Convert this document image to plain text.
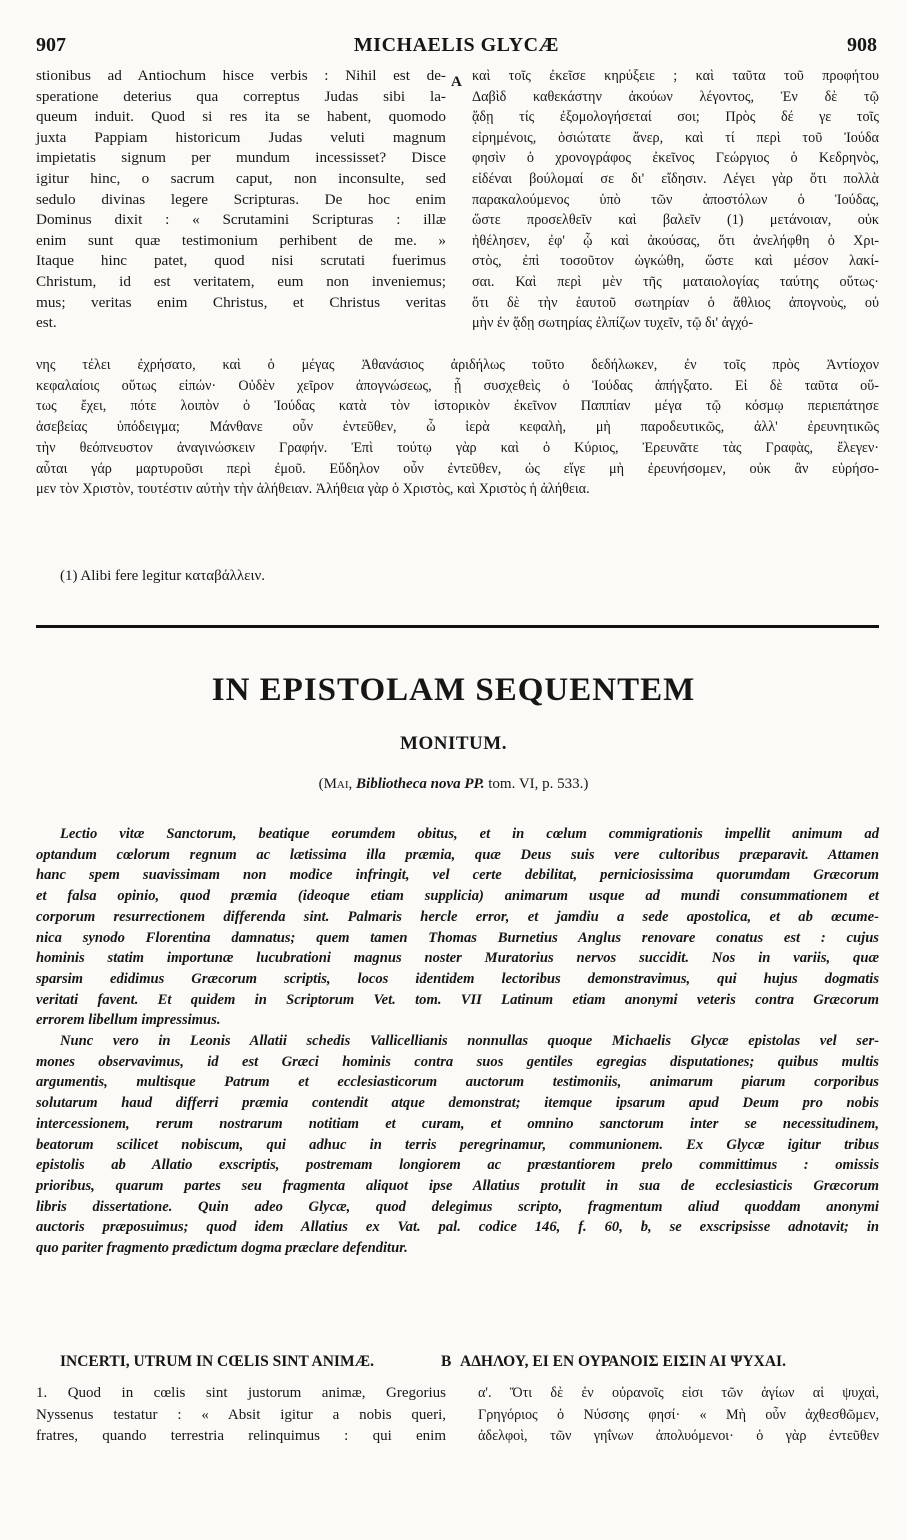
907	MICHAELIS GLYCÆ	908
stionibus ad Antiochum hisce verbis : Nihil est de-
speratione deterius qua correptus Judas sibi la-
queum induit. Quod si res ita se habent, quomodo
juxta Pappiam historicum Judas veluti magnum
impietatis signum per mundum incessisset? Disce
igitur hinc, o sacrum caput, non inconsulte, sed
sedulo divinas legere Scripturas. De hoc enim
Dominus dixit : « Scrutamini Scripturas : illæ
enim sunt quæ testimonium perhibent de me. »
Itaque hinc patet, quod nisi scrutati fuerimus
Christum, id est veritatem, eum non inveniemus;
mus; veritas enim Christus, et Christus veritas
est.
A καὶ τοῖς ἐκεῖσε κηρύξειε ; καὶ ταῦτα τοῦ προφήτου
Δαβὶδ καθεκάστην ἀκούων λέγοντος, Ἐν δὲ τῷ
ᾅδῃ τίς ἐξομολογήσεταί σοι; Πρὸς δέ γε τοῖς
εἰρημένοις, ὁσιώτατε ἄνερ, καὶ τί περὶ τοῦ Ἰούδα
φησὶν ὁ χρονογράφος ἐκεῖνος Γεώργιος ὁ Κεδρηνὸς,
εἰδέναι βούλομαί σε δι' εἴδησιν. Λέγει γὰρ ὅτι πολλὰ
παρακαλούμενος ὑπὸ τῶν ἀποστόλων ὁ Ἰούδας,
ὥστε προσελθεῖν καὶ βαλεῖν (1) μετάνοιαν, οὐκ
ἠθέλησεν, ἐφ' ᾧ καὶ ἀκούσας, ὅτι ἀνελήφθη ὁ Χρι-
στὸς, ἐπὶ τοσοῦτον ὠγκώθη, ὥστε καὶ μέσον λακί-
σαι. Καὶ περὶ μὲν τῆς ματαιολογίας ταύτης οὕτως·
ὅτι δὲ τὴν ἑαυτοῦ σωτηρίαν ὁ ἄθλιος ἀπογνοὺς, οὐ
μὴν ἐν ᾅδῃ σωτηρίας ἐλπίζων τυχεῖν, τῷ δι' ἀγχό-
νης τέλει ἐχρήσατο, καὶ ὁ μέγας Ἀθανάσιος ἀριδήλως τοῦτο δεδήλωκεν, ἐν τοῖς πρὸς Ἀντίοχον
κεφαλαίοις οὕτως εἰπών· Οὐδὲν χεῖρον ἀπογνώσεως, ᾗ συσχεθεὶς ὁ Ἰούδας ἀπήγξατο. Εἰ δὲ ταῦτα οὕ-
τως ἔχει, πότε λοιπὸν ὁ Ἰούδας κατὰ τὸν ἱστορικὸν ἐκεῖνον Παππίαν μέγα τῷ κόσμῳ περιεπάτησε
ἀσεβείας ὑπόδειγμα; Μάνθανε οὖν ἐντεῦθεν, ὦ ἱερὰ κεφαλὴ, μὴ παροδευτικῶς, ἀλλ' ἐρευνητικῶς
τὴν θεόπνευστον ἀναγινώσκειν Γραφήν. Ἐπὶ τούτῳ γὰρ καὶ ὁ Κύριος, Ἐρευνᾶτε τὰς Γραφὰς, ἔλεγεν·
αὗται γάρ μαρτυροῦσι περὶ ἐμοῦ. Εὔδηλον οὖν ἐντεῦθεν, ὡς εἴγε μὴ ἐρευνήσομεν, οὐκ ἂν εὑρήσο-
μεν τὸν Χριστὸν, τουτέστιν αὐτὴν τὴν ἀλήθειαν. Ἀλήθεια γὰρ ὁ Χριστὸς, καὶ Χριστὸς ἡ ἀλήθεια.
(1) Alibi fere legitur καταβάλλειν.
IN EPISTOLAM SEQUENTEM
MONITUM.
(Mai, Bibliotheca nova PP. tom. VI, p. 533.)
Lectio vitæ Sanctorum, beatique eorumdem obitus, et in cœlum commigrationis impellit animum ad
optandum cœlorum regnum ac lætissima illa præmia, quæ Deus suis vere cultoribus præparavit. Attamen
hanc spem suavissimam non modice infringit, vel certe debilitat, perniciosissima quorumdam Græcorum
et falsa opinio, quod præmia (ideoque etiam supplicia) animarum usque ad mundi consummationem et
corporum resurrectionem differenda sint. Palmaris hercle error, et jamdiu a sede apostolica, et ab œcume-
nica synodo Florentina damnatus; quem tamen Thomas Burnetius Anglus renovare conatus est : cujus
hominis statim importunæ lucubrationi magnus noster Muratorius nervos succidit. Nos in variis, quæ
sparsim edidimus Græcorum scriptis, locos identidem lectoribus demonstravimus, qui hujus dogmatis
veritati favent. Et quidem in Scriptorum Vet. tom. VII Latinum etiam anonymi veteris contra Græcorum
errorem libellum impressimus.
Nunc vero in Leonis Allatii schedis Vallicellianis nonnullas quoque Michaelis Glycæ epistolas vel ser-
mones observavimus, id est Græci hominis contra suos gentiles egregias disputationes; quibus multis
argumentis, multisque Patrum et ecclesiasticorum auctorum testimoniis, animarum piarum corporibus
solutarum haud differri præmia contendit atque demonstrat; itemque ipsarum apud Deum pro nobis
intercessionem, rerum nostrarum notitiam et curam, et omnino sanctorum inter se necessitudinem,
beatorum scilicet nobiscum, qui adhuc in terris peregrinamur, communionem. Ex Glycæ igitur tribus
epistolis ab Allatio exscriptis, postremam longiorem ac præstantiorem prelo committimus : omissis
prioribus, quarum partes seu fragmenta aliquot ipse Allatius protulit in sua de ecclesiasticis Græcorum
libris dissertatione. Quin adeo Glycæ, quod delegimus scripto, fragmentum aliud quoddam anonymi
auctoris præposuimus; quod idem Allatius ex Vat. pal. codice 146, f. 60, b, se exscripsisse adnotavit; in
quo pariter fragmento prædictum dogma præclare defenditur.
INCERTI, UTRUM IN CŒLIS SINT ANIMÆ.	B ΑΔΗΛΟΥ, ΕΙ ΕΝ ΟΥΡΑΝΟΙΣ ΕΙΣΙΝ ΑΙ ΨΥΧΑΙ.
1. Quod in cœlis sint justorum animæ, Gregorius
Nyssenus testatur : « Absit igitur a nobis queri,
fratres, quando terrestria relinquimus : qui enim
α'. Ὅτι δὲ ἐν οὐρανοῖς εἰσι τῶν ἁγίων αἱ ψυχαὶ,
Γρηγόριος ὁ Νύσσης φησί· « Μὴ οὖν ἀχθεσθῶμεν,
ἀδελφοὶ, τῶν γηΐνων ἀπολυόμενοι· ὁ γὰρ ἐντεῦθεν
